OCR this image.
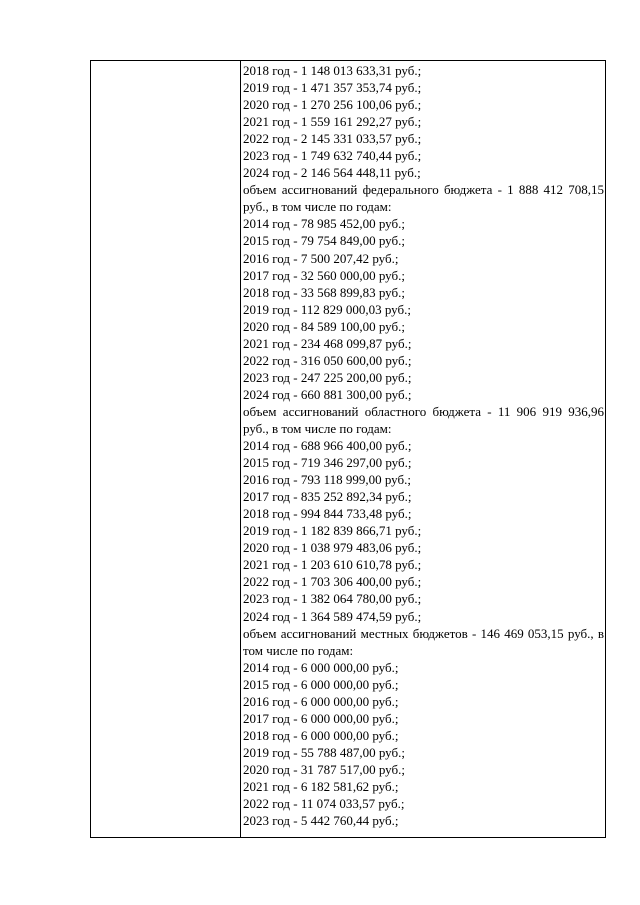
2018 год - 1 148 013 633,31 руб.;
2019 год - 1 471 357 353,74 руб.;
2020 год - 1 270 256 100,06 руб.;
2021 год - 1 559 161 292,27 руб.;
2022 год - 2 145 331 033,57 руб.;
2023 год - 1 749 632 740,44 руб.;
2024 год - 2 146 564 448,11 руб.;
объем ассигнований федерального бюджета - 1 888 412 708,15 руб., в том числе по годам:
2014 год - 78 985 452,00 руб.;
2015 год - 79 754 849,00 руб.;
2016 год - 7 500 207,42 руб.;
2017 год - 32 560 000,00 руб.;
2018 год - 33 568 899,83 руб.;
2019 год - 112 829 000,03 руб.;
2020 год - 84 589 100,00 руб.;
2021 год - 234 468 099,87 руб.;
2022 год - 316 050 600,00 руб.;
2023 год - 247 225 200,00 руб.;
2024 год - 660 881 300,00 руб.;
объем ассигнований областного бюджета - 11 906 919 936,96 руб., в том числе по годам:
2014 год - 688 966 400,00 руб.;
2015 год - 719 346 297,00 руб.;
2016 год - 793 118 999,00 руб.;
2017 год - 835 252 892,34 руб.;
2018 год - 994 844 733,48 руб.;
2019 год - 1 182 839 866,71 руб.;
2020 год - 1 038 979 483,06 руб.;
2021 год - 1 203 610 610,78 руб.;
2022 год - 1 703 306 400,00 руб.;
2023 год - 1 382 064 780,00 руб.;
2024 год - 1 364 589 474,59 руб.;
объем ассигнований местных бюджетов - 146 469 053,15 руб., в том числе по годам:
2014 год - 6 000 000,00 руб.;
2015 год - 6 000 000,00 руб.;
2016 год - 6 000 000,00 руб.;
2017 год - 6 000 000,00 руб.;
2018 год - 6 000 000,00 руб.;
2019 год - 55 788 487,00 руб.;
2020 год - 31 787 517,00 руб.;
2021 год - 6 182 581,62 руб.;
2022 год - 11 074 033,57 руб.;
2023 год - 5 442 760,44 руб.;
